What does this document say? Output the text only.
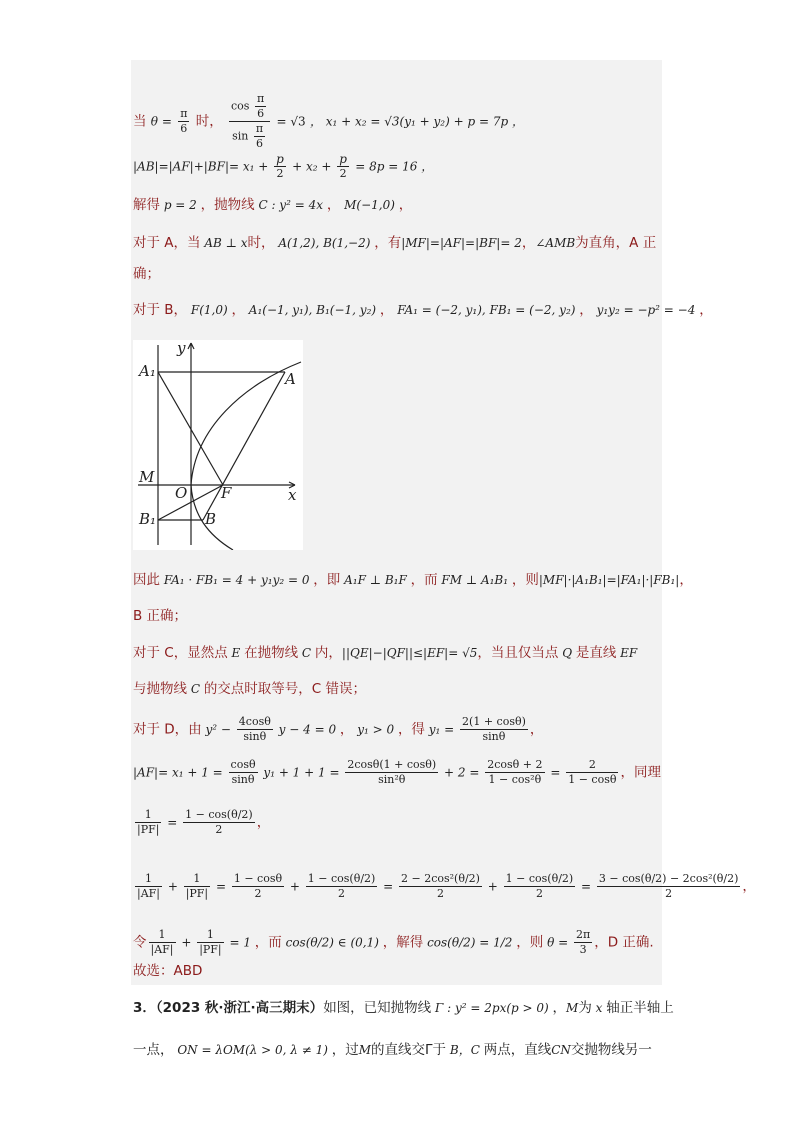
当 $\theta = \frac{\pi}{6}$ 时， $\frac{\cos \frac{\pi}{6}}{\sin \frac{\pi}{6}} = √3$ ， x₁ + x₂ = √3(y₁ + y₂) + p = 7p ，
$|AB|=|AF|+|BF|= x_1 + \frac{p}{2} + x_2 + \frac{p}{2} = 8p = 16$ ，
解得 p = 2 ，抛物线 C : y² = 4x ， M(−1,0) ，
对于 A，当 AB ⊥ x时， A(1,2), B(1,−2) ，有|MF|=|AF|=|BF|= 2，∠AMB为直角，A 正
确；
对于 B， F(1,0) ， A₁(−1, y₁), B₁(−1, y₂) ， FA₁ = (−2, y₁), FB₁ = (−2, y₂) ， y₁y₂ = −p² = −4 ，
y
x
A₁	A
M
O F
B₁	B
因此 FA₁ · FB₁ = 4 + y₁y₂ = 0 ，即 A₁F ⊥ B₁F ，而 FM ⊥ A₁B₁ ，则|MF|·|A₁B₁|=|FA₁|·|FB₁|，
B 正确；
对于 C，显然点 E 在抛物线 C 内，||QE|−|QF||≤|EF|= √5，当且仅当点 Q 是直线 EF
与抛物线 C 的交点时取等号，C 错误；
对于 D，由 $y^2 - \frac{4\cos\theta}{\sin\theta}$ y − 4 = 0 ， y₁ > 0 ，得 $y_1 = \frac{2(1 + \cos\theta)}{\sin\theta}$ ，
$|AF|= x_1 + 1 = \frac{\cos\theta}{\sin\theta} y_1 + 1 + 1 = \frac{2\cos\theta(1 + \cos\theta)}{\text{sin²θ}} + 2 = \frac{2\cos\theta + 2}{\text{1 − cos²θ}} = \frac{2}{1 - \cos\theta}$ ，同理
$\frac{1}{|PF|} = \frac{1 - \cos(\theta/2)}{2}$ ，
$\frac{1}{|AF|} + \frac{1}{|PF|} = \frac{1 - \cos\theta}{2} + \frac{1 - \cos(\theta/2)}{2} = \frac{\text{2 − 2cos²(θ/2)}}{2} + \frac{1 - \cos(\theta/2)}{2} = \frac{\text{3 − cos(θ/2) − 2cos²(θ/2)}}{2}$ ，
令 $\frac{1}{|AF|} + \frac{1}{|PF|} = 1$ ，而 cos(θ/2) ∈ (0,1) ，解得 cos(θ/2) = 1/2 ，则 $\theta = \frac{2\pi}{3}$ ，D 正确.
故选：ABD
3．（2023 秋·浙江·高三期末）如图，已知抛物线 Γ : y² = 2px(p > 0) ，M为 x 轴正半轴上
一点， ON = λOM(λ > 0, λ ≠ 1) ，过M的直线交Γ于 B，C 两点，直线CN交抛物线另一
